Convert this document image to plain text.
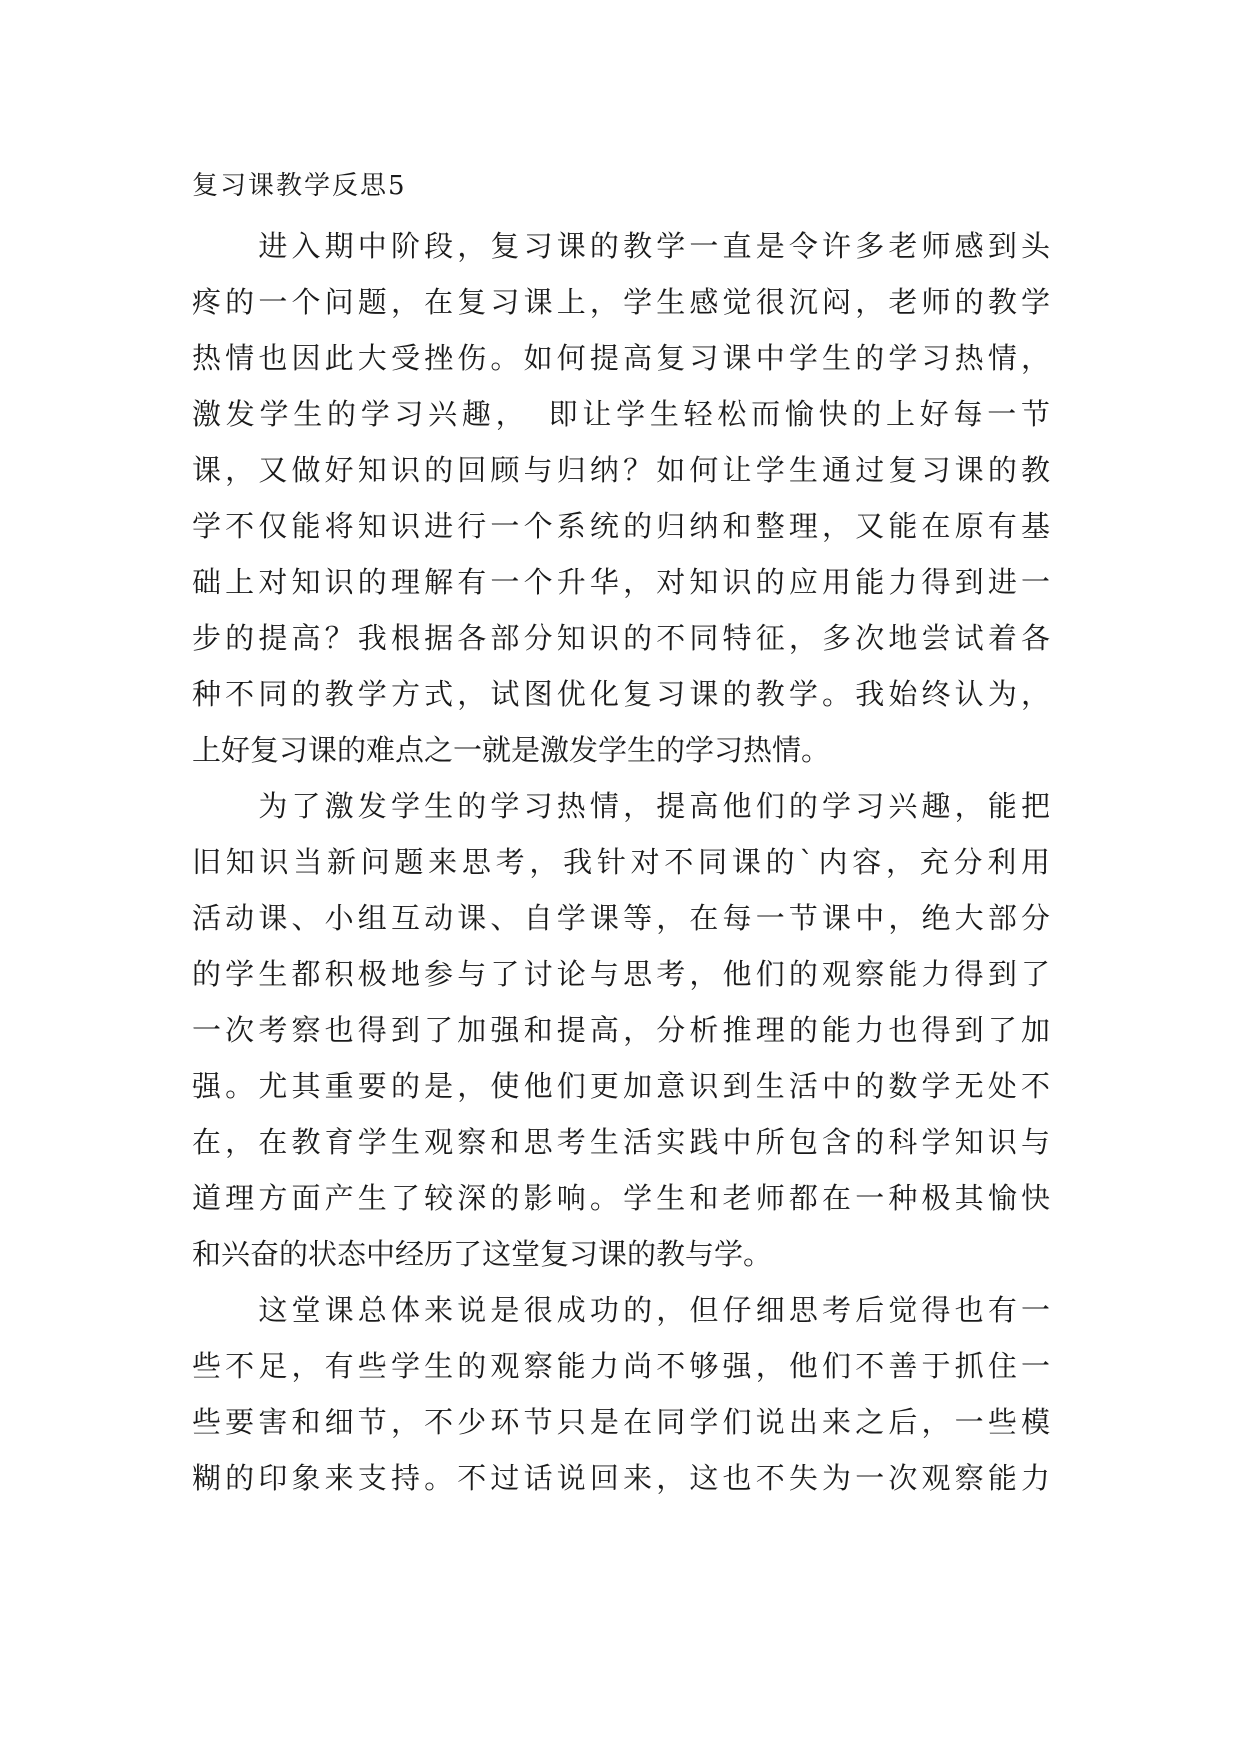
复习课教学反思5
　　进入期中阶段，复习课的教学一直是令许多老师感到头
疼的一个问题，在复习课上，学生感觉很沉闷，老师的教学
热情也因此大受挫伤。如何提高复习课中学生的学习热情，
激发学生的学习兴趣，　即让学生轻松而愉快的上好每一节
课，又做好知识的回顾与归纳？如何让学生通过复习课的教
学不仅能将知识进行一个系统的归纳和整理，又能在原有基
础上对知识的理解有一个升华，对知识的应用能力得到进一
步的提高？我根据各部分知识的不同特征，多次地尝试着各
种不同的教学方式，试图优化复习课的教学。我始终认为，
上好复习课的难点之一就是激发学生的学习热情。
　　为了激发学生的学习热情，提高他们的学习兴趣，能把
旧知识当新问题来思考，我针对不同课的`内容，充分利用
活动课、小组互动课、自学课等，在每一节课中，绝大部分
的学生都积极地参与了讨论与思考，他们的观察能力得到了
一次考察也得到了加强和提高，分析推理的能力也得到了加
强。尤其重要的是，使他们更加意识到生活中的数学无处不
在，在教育学生观察和思考生活实践中所包含的科学知识与
道理方面产生了较深的影响。学生和老师都在一种极其愉快
和兴奋的状态中经历了这堂复习课的教与学。
　　这堂课总体来说是很成功的，但仔细思考后觉得也有一
些不足，有些学生的观察能力尚不够强，他们不善于抓住一
些要害和细节，不少环节只是在同学们说出来之后，一些模
糊的印象来支持。不过话说回来，这也不失为一次观察能力
